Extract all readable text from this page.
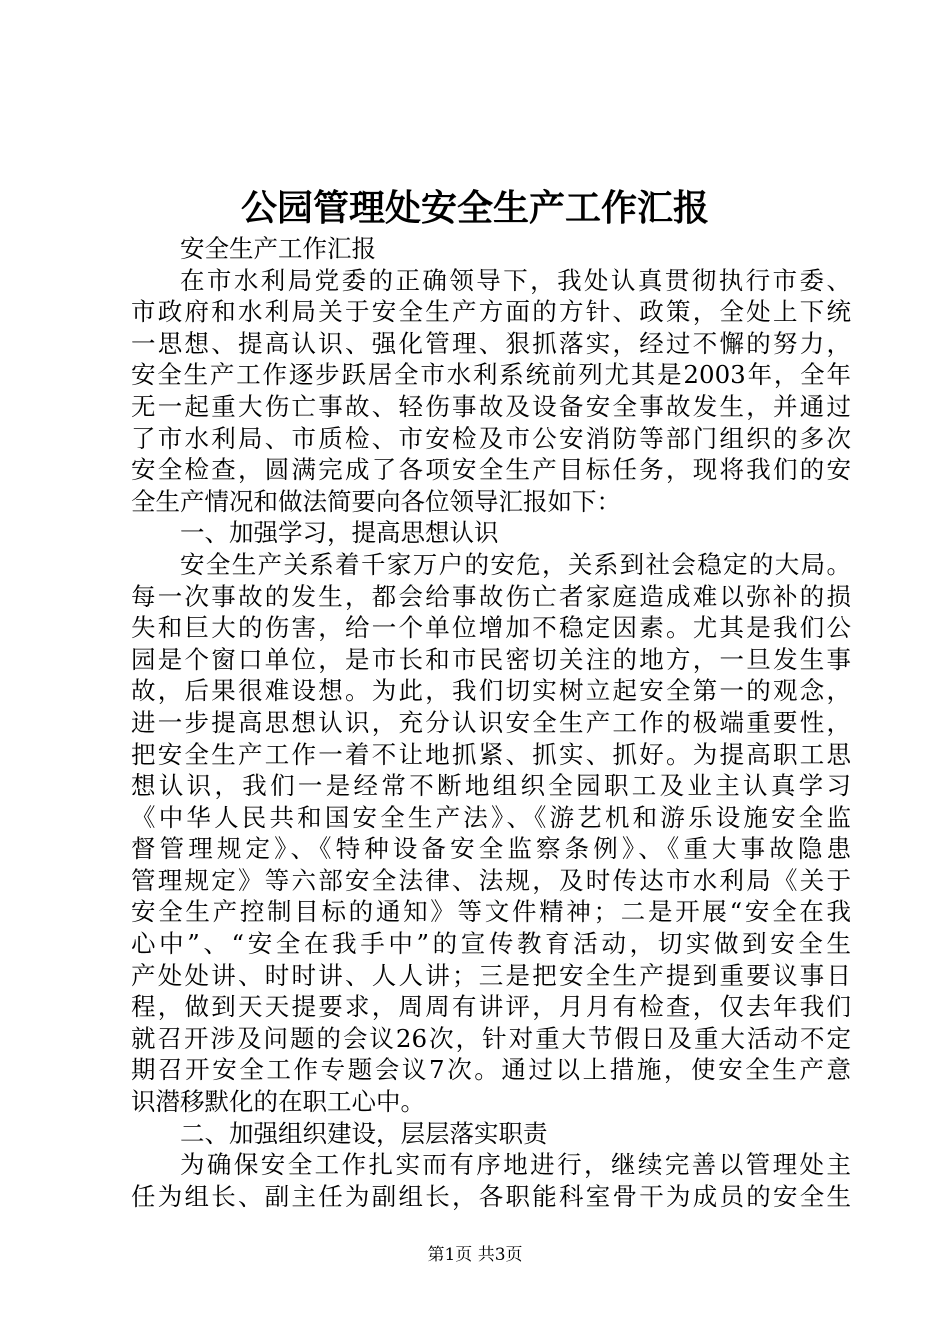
公园管理处安全生产工作汇报
安全生产工作汇报
在市水利局党委的正确领导下，我处认真贯彻执行市委、
市政府和水利局关于安全生产方面的方针、政策，全处上下统
一思想、提高认识、强化管理、狠抓落实，经过不懈的努力，
安全生产工作逐步跃居全市水利系统前列尤其是2003年，全年
无一起重大伤亡事故、轻伤事故及设备安全事故发生，并通过
了市水利局、市质检、市安检及市公安消防等部门组织的多次
安全检查，圆满完成了各项安全生产目标任务，现将我们的安
全生产情况和做法简要向各位领导汇报如下：
一、加强学习，提高思想认识
安全生产关系着千家万户的安危，关系到社会稳定的大局。
每一次事故的发生，都会给事故伤亡者家庭造成难以弥补的损
失和巨大的伤害，给一个单位增加不稳定因素。尤其是我们公
园是个窗口单位，是市长和市民密切关注的地方，一旦发生事
故，后果很难设想。为此，我们切实树立起安全第一的观念，
进一步提高思想认识，充分认识安全生产工作的极端重要性，
把安全生产工作一着不让地抓紧、抓实、抓好。为提高职工思
想认识，我们一是经常不断地组织全园职工及业主认真学习
《中华人民共和国安全生产法》、《游艺机和游乐设施安全监
督管理规定》、《特种设备安全监察条例》、《重大事故隐患
管理规定》等六部安全法律、法规，及时传达市水利局《关于
安全生产控制目标的通知》等文件精神；二是开展“安全在我
心中”、“安全在我手中”的宣传教育活动，切实做到安全生
产处处讲、时时讲、人人讲；三是把安全生产提到重要议事日
程，做到天天提要求，周周有讲评，月月有检查，仅去年我们
就召开涉及问题的会议26次，针对重大节假日及重大活动不定
期召开安全工作专题会议7次。通过以上措施，使安全生产意
识潜移默化的在职工心中。
二、加强组织建设，层层落实职责
为确保安全工作扎实而有序地进行，继续完善以管理处主
任为组长、副主任为副组长，各职能科室骨干为成员的安全生
第1页 共3页
